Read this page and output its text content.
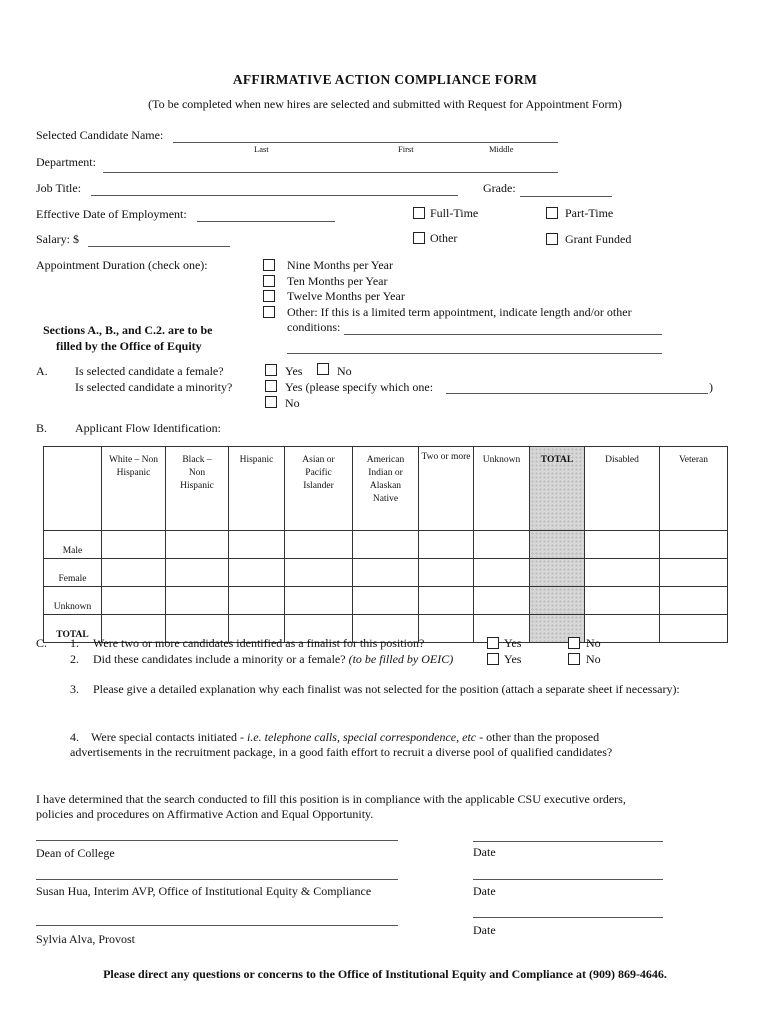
AFFIRMATIVE ACTION COMPLIANCE FORM
(To be completed when new hires are selected and submitted with Request for Appointment Form)
Selected Candidate Name:
Last	First	Middle
Department:
Job Title:	Grade:
Effective Date of Employment:	Full-Time	Part-Time
Salary: $	Other	Grant Funded
Appointment Duration (check one):	Nine Months per Year
Ten Months per Year
Twelve Months per Year
Other: If this is a limited term appointment, indicate length and/or other
conditions:
Sections A., B., and C.2. are to be
filled by the Office of Equity
A. Is selected candidate a female?
Is selected candidate a minority?
Yes	No
Yes (please specify which one:	)
No
B. Applicant Flow Identification:
	White – Non Hispanic	Black – Non Hispanic	Hispanic	Asian or Pacific Islander	American Indian or Alaskan Native	Two or more	Unknown	TOTAL	Disabled	Veteran
Male										
Female										
Unknown										
TOTAL										
C. 1. Were two or more candidates identified as a finalist for this position?	Yes	No
2. Did these candidates include a minority or a female? (to be filled by OEIC)	Yes	No
3. Please give a detailed explanation why each finalist was not selected for the position (attach a separate sheet if necessary):
4. Were special contacts initiated - i.e. telephone calls, special correspondence, etc - other than the proposed
advertisements in the recruitment package, in a good faith effort to recruit a diverse pool of qualified candidates?
I have determined that the search conducted to fill this position is in compliance with the applicable CSU executive orders,
policies and procedures on Affirmative Action and Equal Opportunity.
Dean of College	Date
Susan Hua, Interim AVP, Office of Institutional Equity & Compliance	Date
Sylvia Alva, Provost
Date
Please direct any questions or concerns to the Office of Institutional Equity and Compliance at (909) 869-4646.
